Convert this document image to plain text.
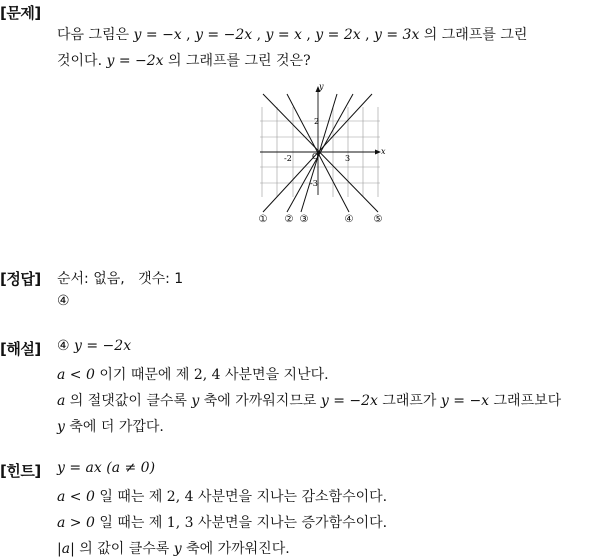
[문제]
다음 그림은 y = −x , y = −2x , y = x , y = 2x , y = 3x 의 그래프를 그린
것이다. y = −2x 의 그래프를 그린 것은?
y
x
O
-2
2
3
-3
① ② ③	④ ⑤
[정답] 순서: 없음,   갯수: 1
④
[해설] ④ y = −2x
a < 0 이기 때문에 제 2, 4 사분면을 지난다.
a 의 절댓값이 클수록 y 축에 가까워지므로 y = −2x 그래프가 y = −x 그래프보다
y 축에 더 가깝다.
[힌트] y = ax (a ≠ 0)
a < 0 일 때는 제 2, 4 사분면을 지나는 감소함수이다.
a > 0 일 때는 제 1, 3 사분면을 지나는 증가함수이다.
|a| 의 값이 클수록 y 축에 가까워진다.
